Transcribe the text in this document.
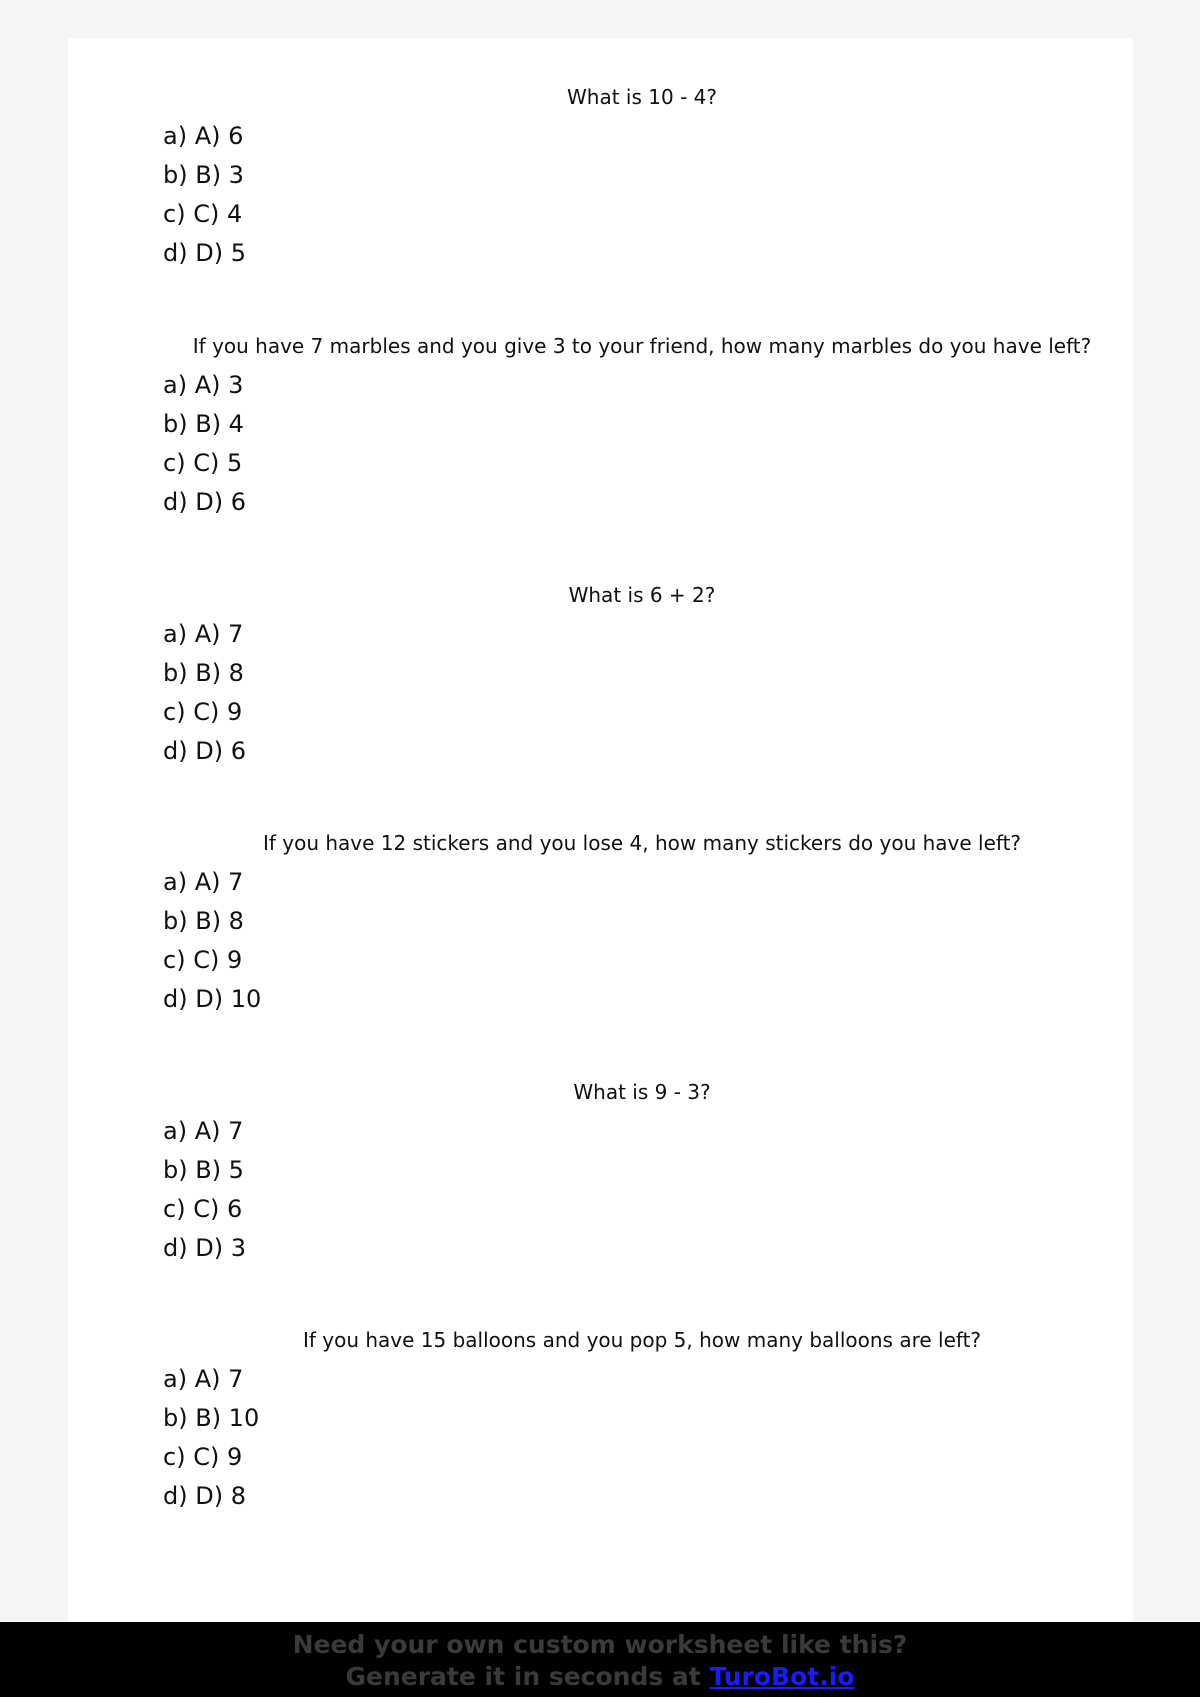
What is 10 - 4?

a) A) 6
b) B) 3
c) C) 4
d) D) 5

If you have 7 marbles and you give 3 to your friend, how many marbles do you have left?

a) A) 3
b) B) 4
c) C) 5
d) D) 6

What is 6 + 2?

a) A) 7
b) B) 8
c) C) 9
d) D) 6

If you have 12 stickers and you lose 4, how many stickers do you have left?

a) A) 7
b) B) 8
c) C) 9
d) D) 10

What is 9 - 3?

a) A) 7
b) B) 5
c) C) 6
d) D) 3

If you have 15 balloons and you pop 5, how many balloons are left?

a) A) 7
b) B) 10
c) C) 9
d) D) 8
Need your own custom worksheet like this?
Generate it in seconds at TuroBot.io
